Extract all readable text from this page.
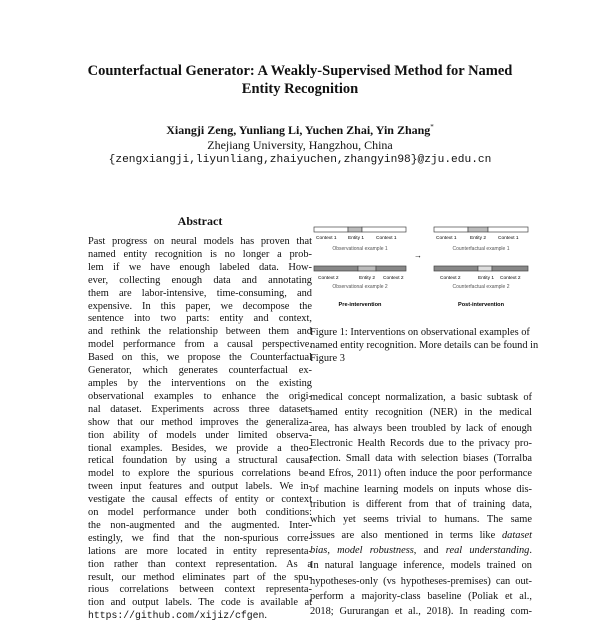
Counterfactual Generator: A Weakly-Supervised Method for Named
Entity Recognition
Xiangji Zeng, Yunliang Li, Yuchen Zhai, Yin Zhang*
Zhejiang University, Hangzhou, China
{zengxiangji,liyunliang,zhaiyuchen,zhangyin98}@zju.edu.cn
Abstract
Past progress on neural models has proven that
named entity recognition is no longer a prob-
lem if we have enough labeled data. How-
ever, collecting enough data and annotating
them are labor-intensive, time-consuming, and
expensive. In this paper, we decompose the
sentence into two parts: entity and context,
and rethink the relationship between them and
model performance from a causal perspective.
Based on this, we propose the Counterfactual
Generator, which generates counterfactual ex-
amples by the interventions on the existing
observational examples to enhance the origi-
nal dataset. Experiments across three datasets
show that our method improves the generaliza-
tion ability of models under limited observa-
tional examples. Besides, we provide a theo-
retical foundation by using a structural causal
model to explore the spurious correlations be-
tween input features and output labels. We in-
vestigate the causal effects of entity or context
on model performance under both conditions:
the non-augmented and the augmented. Inter-
estingly, we find that the non-spurious corre-
lations are more located in entity representa-
tion rather than context representation. As a
result, our method eliminates part of the spu-
rious correlations between context representa-
tion and output labels. The code is available at
https://github.com/xijiz/cfgen.
Context 1 Entity 1	Context 1
Observational example 1
Context 1	Entity 2	Context 1
Counterfactual example 1
→
Context 2	Entity 2 Context 2
Observational example 2
Context 2	Entity 1 Context 2
Counterfactual example 2
Pre-intervention	Post-intervention
Figure 1: Interventions on observational examples of
named entity recognition. More details can be found in
Figure 3
medical concept normalization, a basic subtask of
named entity recognition (NER) in the medical
area, has always been troubled by lack of enough
Electronic Health Records due to the privacy pro-
tection. Small data with selection biases (Torralba
and Efros, 2011) often induce the poor performance
of machine learning models on inputs whose dis-
tribution is different from that of training data,
which yet seems trivial to humans. The same
issues are also mentioned in terms like dataset
bias, model robustness, and real understanding.
In natural language inference, models trained on
hypotheses-only (vs hypotheses-premises) can out-
perform a majority-class baseline (Poliak et al.,
2018; Gururangan et al., 2018). In reading com-
